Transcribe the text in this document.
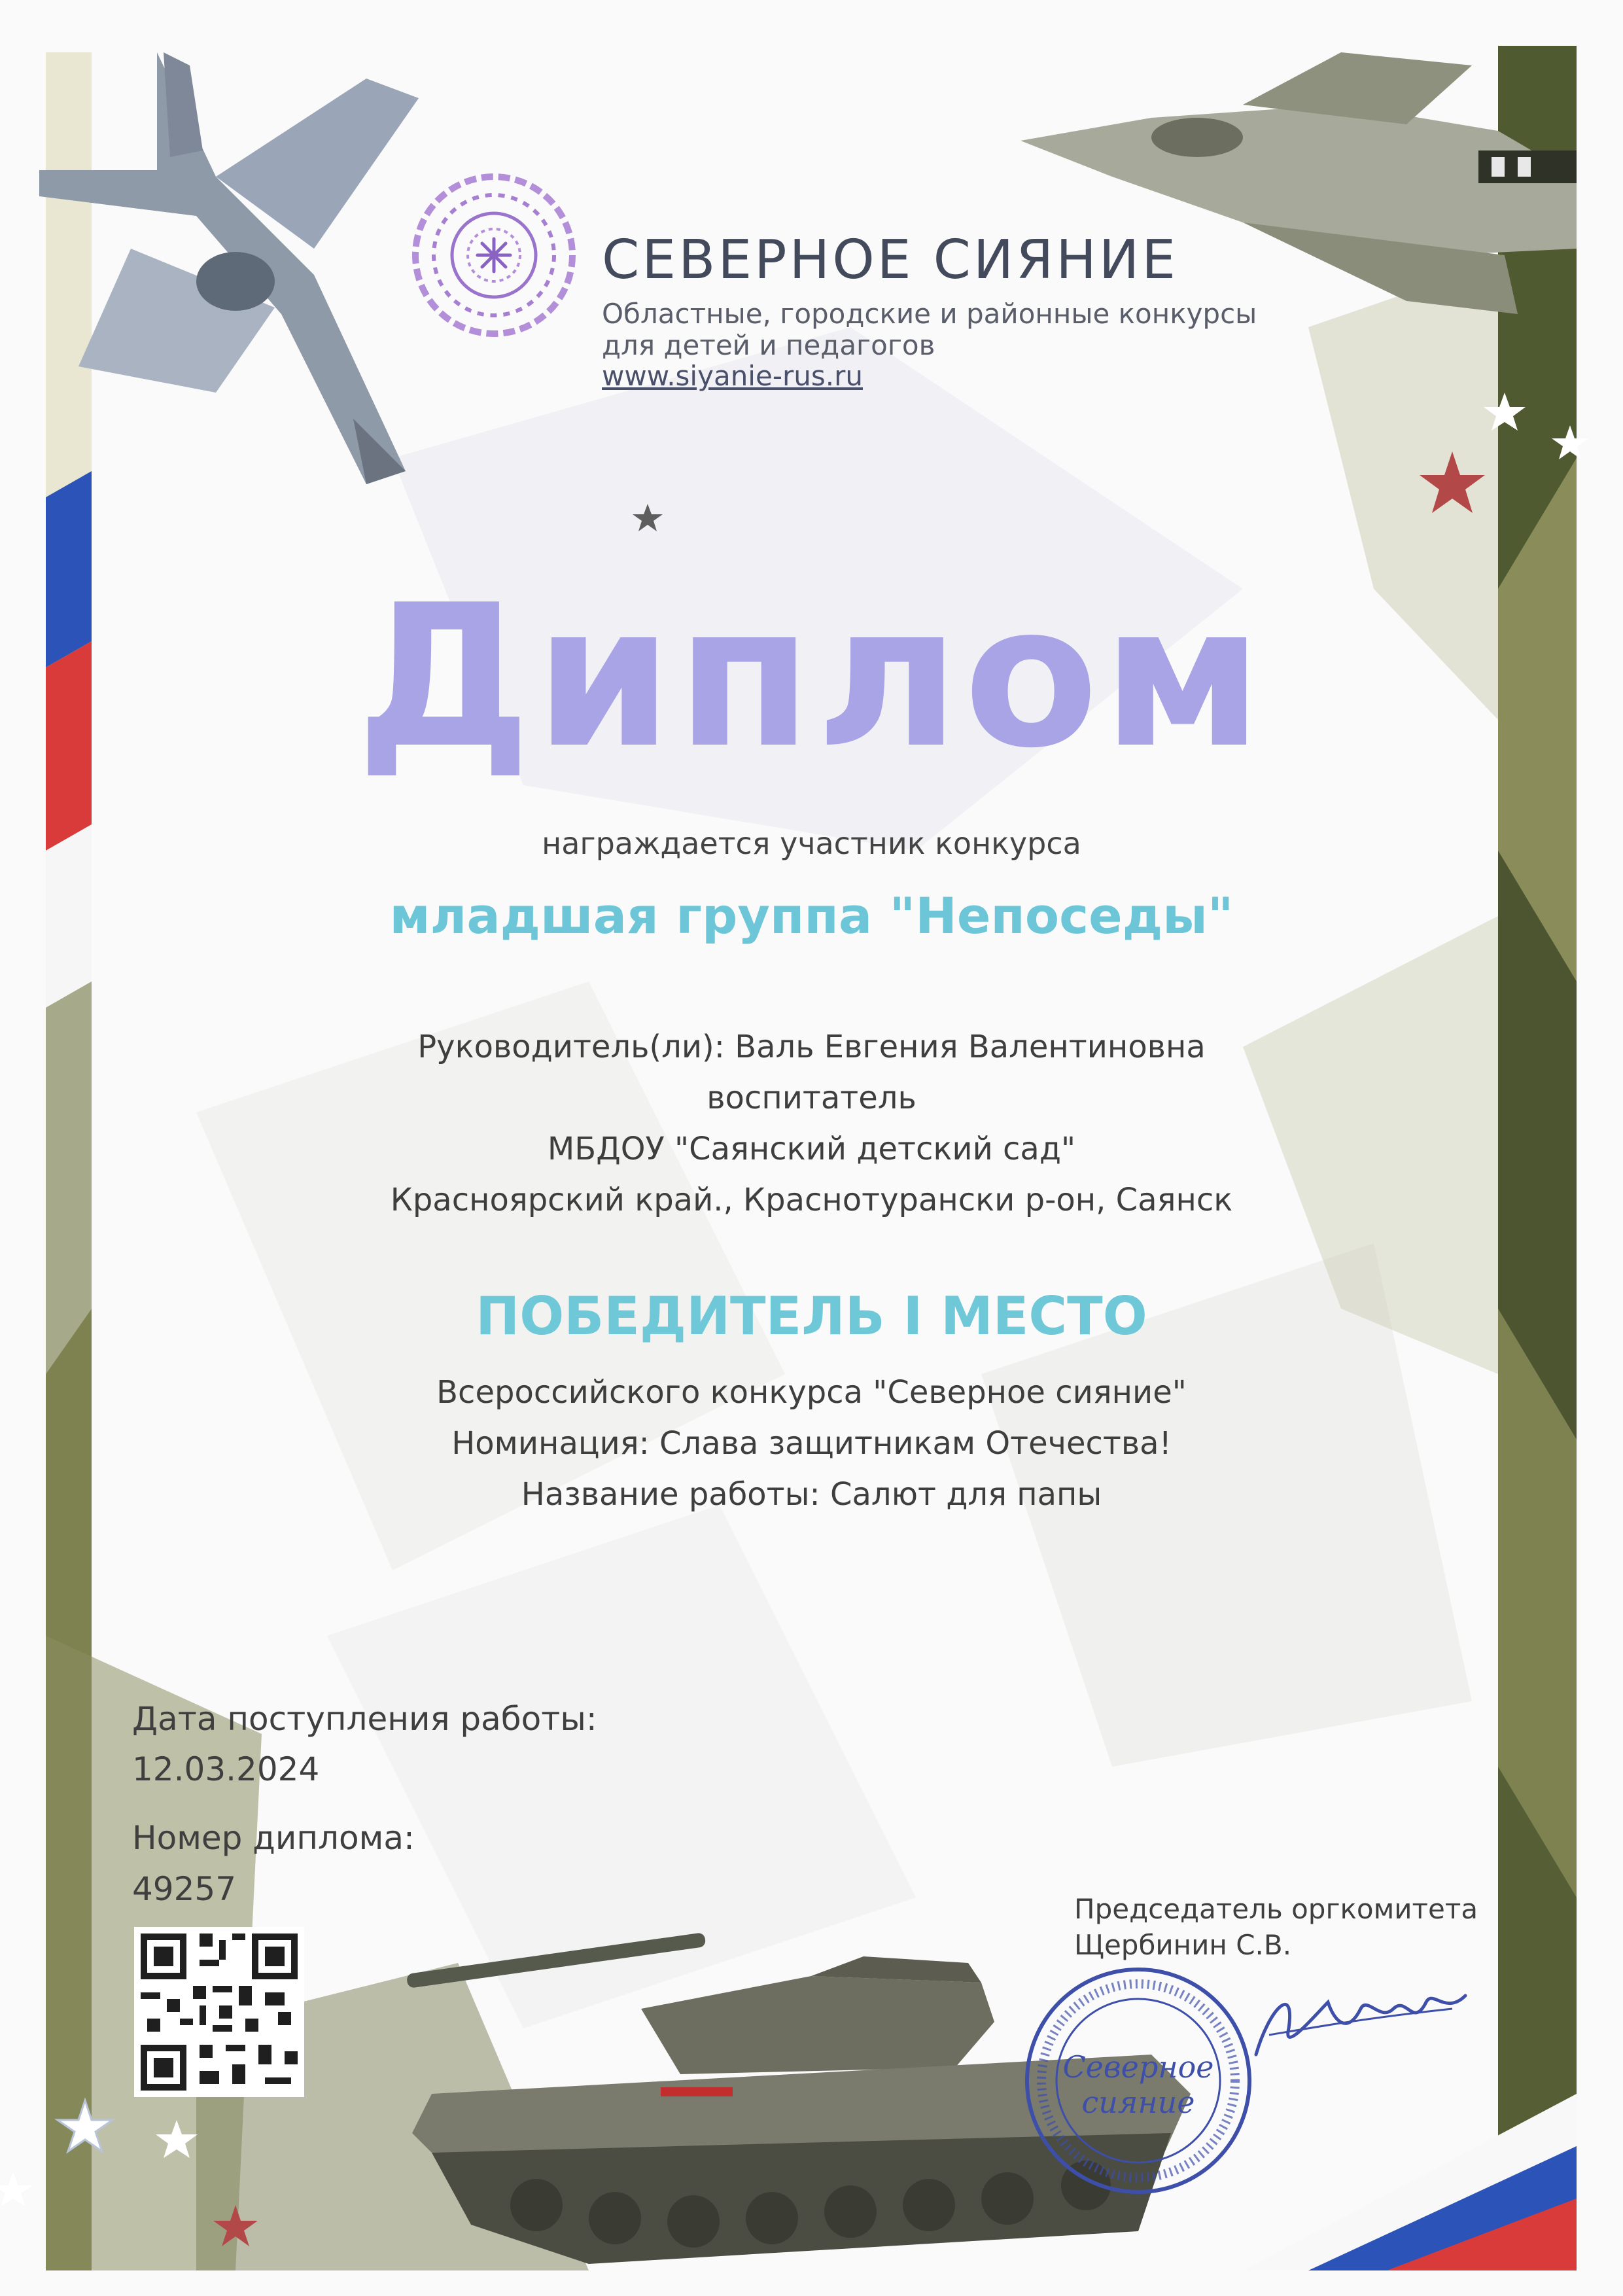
СЕВЕРНОЕ СИЯНИЕ
Областные, городские и районные конкурсы
для детей и педагогов
www.siyanie-rus.ru
Диплом
награждается участник конкурса
младшая группа "Непоседы"
Руководитель(ли): Валь Евгения Валентиновна
воспитатель
МБДОУ "Саянский детский сад"
Красноярский край., Краснотурански р-он, Саянск
ПОБЕДИТЕЛЬ I МЕСТО
Всероссийского конкурса "Северное сияние"
Номинация: Слава защитникам Отечества!
Название работы: Салют для папы
Дата поступления работы:
12.03.2024
Номер диплома:
49257
Председатель оргкомитета
Щербинин С.В.
Северное
сияние
